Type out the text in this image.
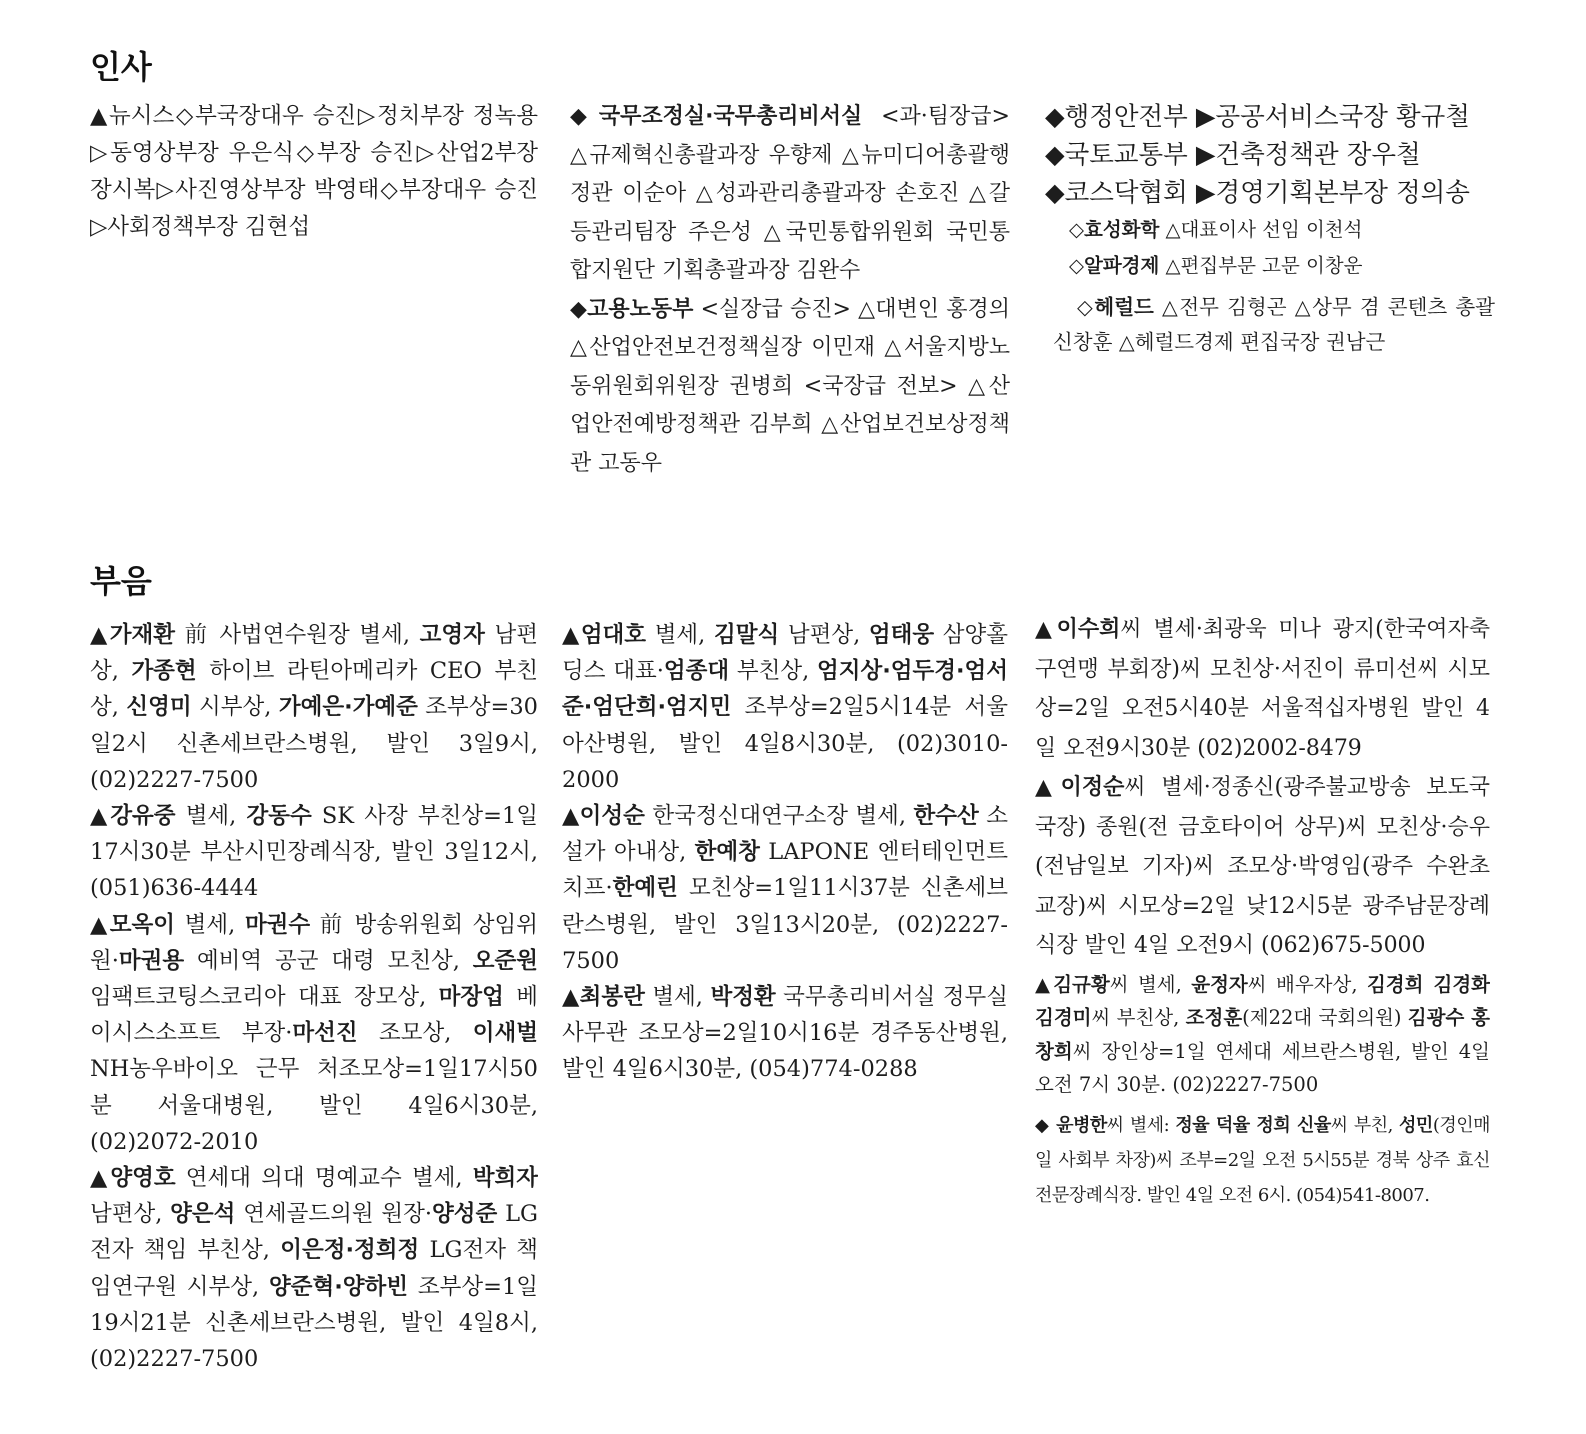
인사

▲뉴시스◇부국장대우 승진▷정치부장 정녹용▷동영상부장 우은식◇부장 승진▷산업2부장 장시복▷사진영상부장 박영태◇부장대우 승진▷사회정책부장 김현섭

◆국무조정실·국무총리비서실 <과·팀장급> △규제혁신총괄과장 우향제 △뉴미디어총괄행정관 이순아 △성과관리총괄과장 손호진 △갈등관리팀장 주은성 △국민통합위원회 국민통합지원단 기획총괄과장 김완수

◆고용노동부 <실장급 승진> △대변인 홍경의 △산업안전보건정책실장 이민재 △서울지방노동위원회위원장 권병희 <국장급 전보> △산업안전예방정책관 김부희 △산업보건보상정책관 고동우

◆행정안전부 ▶공공서비스국장 황규철

◆국토교통부 ▶건축정책관 장우철

◆코스닥협회 ▶경영기획본부장 정의송

◇효성화학 △대표이사 선임 이천석

◇알파경제 △편집부문 고문 이창운

◇헤럴드 △전무 김형곤 △상무 겸 콘텐츠 총괄 신창훈 △헤럴드경제 편집국장 권남근

부음

▲가재환 前 사법연수원장 별세, 고영자 남편상, 가종현 하이브 라틴아메리카 CEO 부친상, 신영미 시부상, 가예은·가예준 조부상=30일2시 신촌세브란스병원, 발인 3일9시, (02)2227-7500

▲강유중 별세, 강동수 SK 사장 부친상=1일17시30분 부산시민장례식장, 발인 3일12시, (051)636-4444

▲모옥이 별세, 마권수 前 방송위원회 상임위원·마권용 예비역 공군 대령 모친상, 오준원 임팩트코팅스코리아 대표 장모상, 마장업 베이시스소프트 부장·마선진 조모상, 이새벌 NH농우바이오 근무 처조모상=1일17시50분 서울대병원, 발인 4일6시30분, (02)2072-2010

▲양영호 연세대 의대 명예교수 별세, 박희자 남편상, 양은석 연세골드의원 원장·양성준 LG전자 책임 부친상, 이은정·정희정 LG전자 책임연구원 시부상, 양준혁·양하빈 조부상=1일19시21분 신촌세브란스병원, 발인 4일8시, (02)2227-7500

▲엄대호 별세, 김말식 남편상, 엄태웅 삼양홀딩스 대표·엄종대 부친상, 엄지상·엄두경·엄서준·엄단희·엄지민 조부상=2일5시14분 서울아산병원, 발인 4일8시30분, (02)3010-2000

▲이성순 한국정신대연구소장 별세, 한수산 소설가 아내상, 한예창 LAPONE 엔터테인먼트 치프·한예린 모친상=1일11시37분 신촌세브란스병원, 발인 3일13시20분, (02)2227-7500

▲최봉란 별세, 박정환 국무총리비서실 정무실 사무관 조모상=2일10시16분 경주동산병원, 발인 4일6시30분, (054)774-0288

▲이수희씨 별세·최광욱 미나 광지(한국여자축구연맹 부회장)씨 모친상·서진이 류미선씨 시모상=2일 오전5시40분 서울적십자병원 발인 4일 오전9시30분 (02)2002-8479

▲이정순씨 별세·정종신(광주불교방송 보도국 국장) 종원(전 금호타이어 상무)씨 모친상·승우(전남일보 기자)씨 조모상·박영임(광주 수완초 교장)씨 시모상=2일 낮12시5분 광주남문장례식장 발인 4일 오전9시 (062)675-5000

▲김규황씨 별세, 윤정자씨 배우자상, 김경희 김경화 김경미씨 부친상, 조정훈(제22대 국회의원) 김광수 홍창희씨 장인상=1일 연세대 세브란스병원, 발인 4일 오전 7시 30분. (02)2227-7500

◆ 윤병한씨 별세: 정율 덕율 정희 신율씨 부친, 성민(경인매일 사회부 차장)씨 조부=2일 오전 5시55분 경북 상주 효신전문장례식장. 발인 4일 오전 6시. (054)541-8007.
